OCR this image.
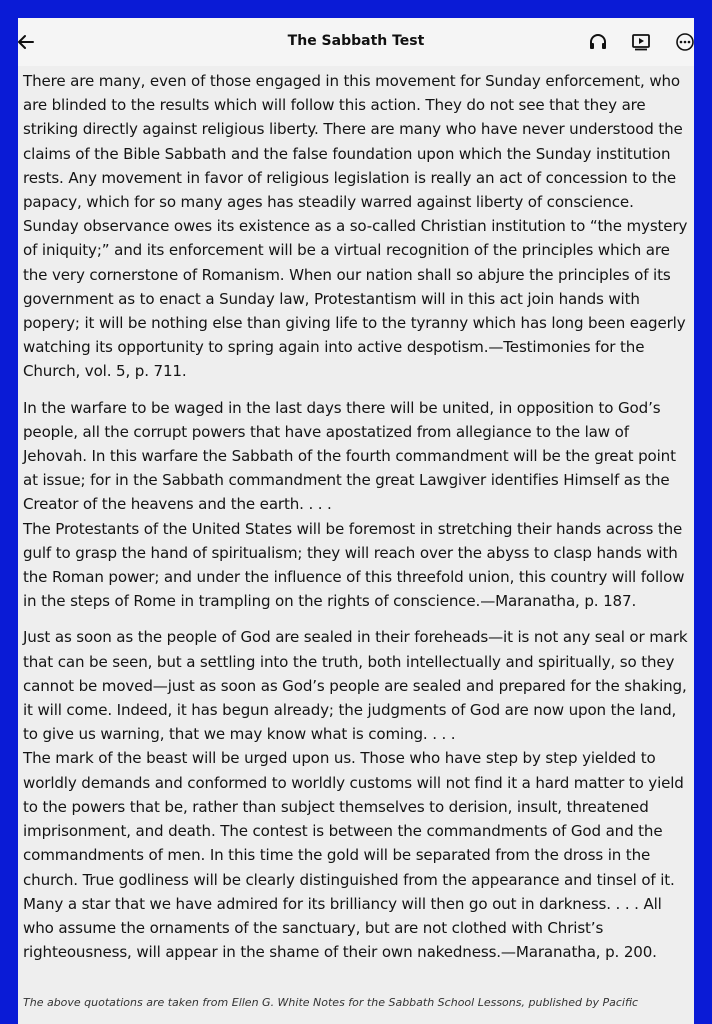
The Sabbath Test

There are many, even of those engaged in this movement for Sunday enforcement, who are blinded to the results which will follow this action. They do not see that they are striking directly against religious liberty. There are many who have never understood the claims of the Bible Sabbath and the false foundation upon which the Sunday institution rests. Any movement in favor of religious legislation is really an act of concession to the papacy, which for so many ages has steadily warred against liberty of conscience.

Sunday observance owes its existence as a so-called Christian institution to “the mystery of iniquity;” and its enforcement will be a virtual recognition of the principles which are the very cornerstone of Romanism. When our nation shall so abjure the principles of its government as to enact a Sunday law, Protestantism will in this act join hands with popery; it will be nothing else than giving life to the tyranny which has long been eagerly watching its opportunity to spring again into active despotism.—Testimonies for the Church, vol. 5, p. 711.

In the warfare to be waged in the last days there will be united, in opposition to God’s people, all the corrupt powers that have apostatized from allegiance to the law of Jehovah. In this warfare the Sabbath of the fourth commandment will be the great point at issue; for in the Sabbath commandment the great Lawgiver identifies Himself as the Creator of the heavens and the earth. . . .

The Protestants of the United States will be foremost in stretching their hands across the gulf to grasp the hand of spiritualism; they will reach over the abyss to clasp hands with the Roman power; and under the influence of this threefold union, this country will follow in the steps of Rome in trampling on the rights of conscience.—Maranatha, p. 187.

Just as soon as the people of God are sealed in their foreheads—it is not any seal or mark that can be seen, but a settling into the truth, both intellectually and spiritually, so they cannot be moved—just as soon as God’s people are sealed and prepared for the shaking, it will come. Indeed, it has begun already; the judgments of God are now upon the land, to give us warning, that we may know what is coming. . . .

The mark of the beast will be urged upon us. Those who have step by step yielded to worldly demands and conformed to worldly customs will not find it a hard matter to yield to the powers that be, rather than subject themselves to derision, insult, threatened imprisonment, and death. The contest is between the commandments of God and the commandments of men. In this time the gold will be separated from the dross in the church. True godliness will be clearly distinguished from the appearance and tinsel of it. Many a star that we have admired for its brilliancy will then go out in darkness. . . . All who assume the ornaments of the sanctuary, but are not clothed with Christ’s righteousness, will appear in the shame of their own nakedness.—Maranatha, p. 200.

The above quotations are taken from Ellen G. White Notes for the Sabbath School Lessons, published by Pacific
